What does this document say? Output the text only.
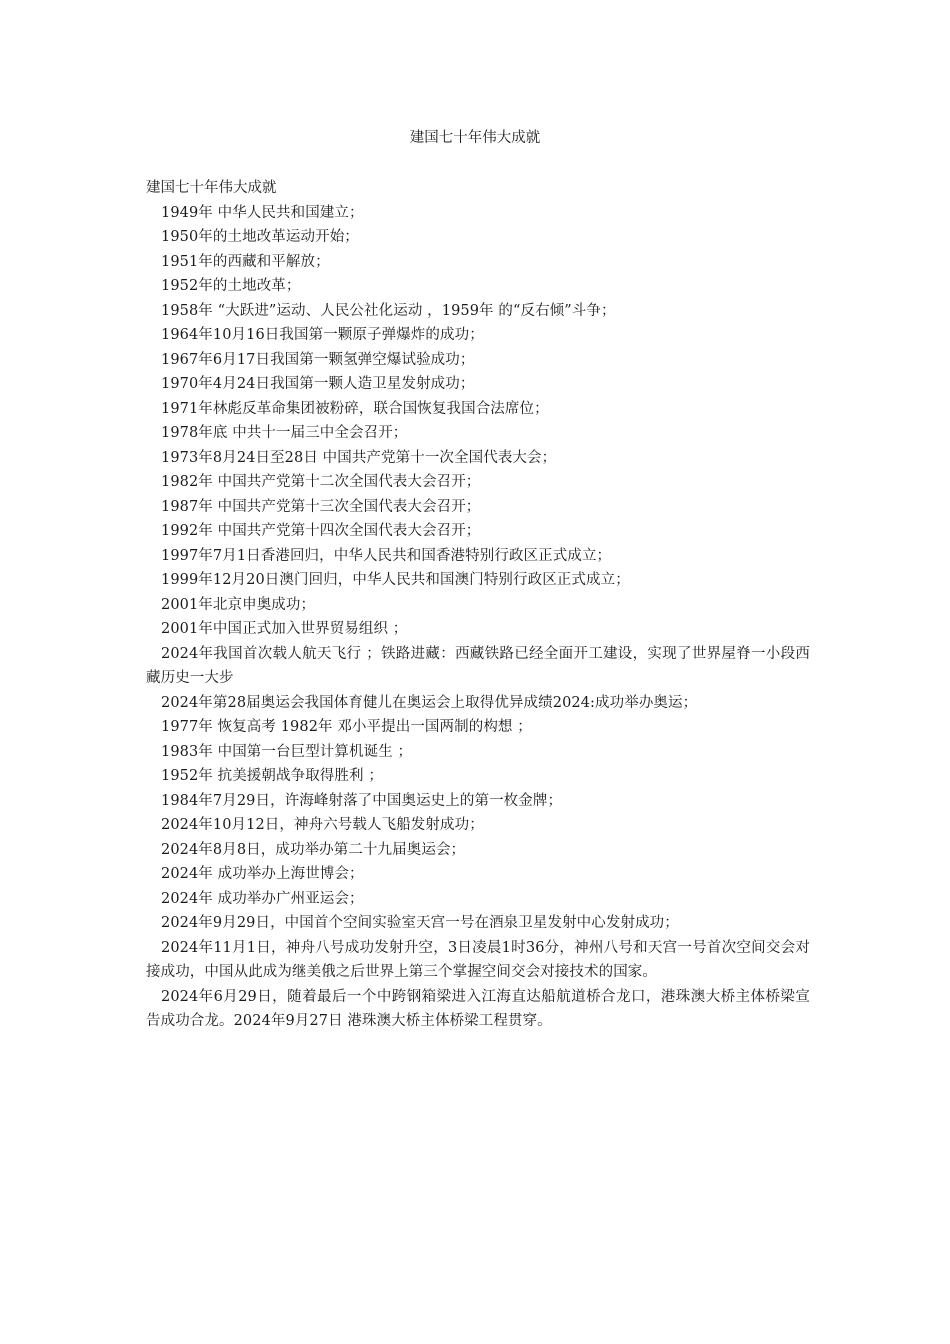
建国七十年伟大成就

建国七十年伟大成就

1949年 中华人民共和国建立；
1950年的土地改革运动开始；
1951年的西藏和平解放；
1952年的土地改革；
1958年 “大跃进”运动、人民公社化运动 ，1959年 的“反右倾”斗争；
1964年10月16日我国第一颗原子弹爆炸的成功；
1967年6月17日我国第一颗氢弹空爆试验成功；
1970年4月24日我国第一颗人造卫星发射成功；
1971年林彪反革命集团被粉碎，联合国恢复我国合法席位；
1978年底 中共十一届三中全会召开；
1973年8月24日至28日 中国共产党第十一次全国代表大会；
1982年 中国共产党第十二次全国代表大会召开；
1987年 中国共产党第十三次全国代表大会召开；
1992年 中国共产党第十四次全国代表大会召开；
1997年7月1日香港回归，中华人民共和国香港特别行政区正式成立；
1999年12月20日澳门回归，中华人民共和国澳门特别行政区正式成立；
2001年北京申奥成功；
2001年中国正式加入世界贸易组织 ；
2024年我国首次载人航天飞行 ；铁路进藏：西藏铁路已经全面开工建设，实现了世界屋脊一小段西藏历史一大步
2024年第28届奥运会我国体育健儿在奥运会上取得优异成绩2024:成功举办奥运；
1977年 恢复高考 1982年 邓小平提出一国两制的构想 ；
1983年 中国第一台巨型计算机诞生 ；
1952年 抗美援朝战争取得胜利 ；
1984年7月29日，许海峰射落了中国奥运史上的第一枚金牌；
2024年10月12日，神舟六号载人飞船发射成功；
2024年8月8日，成功举办第二十九届奥运会；
2024年 成功举办上海世博会；
2024年 成功举办广州亚运会；
2024年9月29日，中国首个空间实验室天宫一号在酒泉卫星发射中心发射成功；
2024年11月1日，神舟八号成功发射升空，3日凌晨1时36分，神州八号和天宫一号首次空间交会对接成功，中国从此成为继美俄之后世界上第三个掌握空间交会对接技术的国家。
2024年6月29日，随着最后一个中跨钢箱梁进入江海直达船航道桥合龙口，港珠澳大桥主体桥梁宣告成功合龙。2024年9月27日 港珠澳大桥主体桥梁工程贯穿。
